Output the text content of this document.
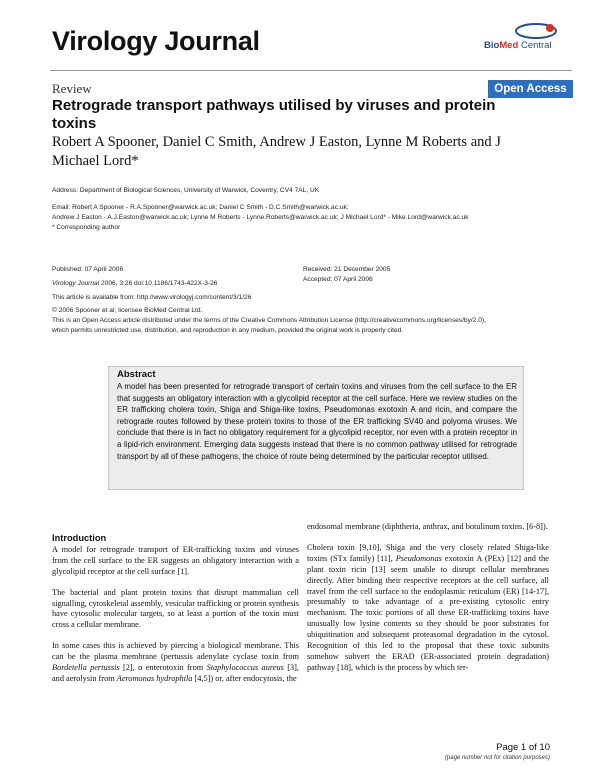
Virology Journal	BioMed Central
Review	Open Access
Retrograde transport pathways utilised by viruses and protein toxins
Robert A Spooner, Daniel C Smith, Andrew J Easton, Lynne M Roberts and J Michael Lord*
Address: Department of Biological Sciences, University of Warwick, Coventry, CV4 7AL, UK
Email: Robert A Spooner - R.A.Spooner@warwick.ac.uk; Daniel C Smith - D.C.Smith@warwick.ac.uk;
Andrew J Easton - A.J.Easton@warwick.ac.uk; Lynne M Roberts - Lynne.Roberts@warwick.ac.uk; J Michael Lord* - Mike.Lord@warwick.ac.uk
* Corresponding author
Published: 07 April 2006
Virology Journal 2006, 3:26 doi:10.1186/1743-422X-3-26
This article is available from: http://www.virologyj.com/content/3/1/26
Received: 21 December 2005
Accepted: 07 April 2006
© 2006 Spooner et al; licensee BioMed Central Ltd.
This is an Open Access article distributed under the terms of the Creative Commons Attribution License (http://creativecommons.org/licenses/by/2.0),
which permits unrestricted use, distribution, and reproduction in any medium, provided the original work is properly cited.
Abstract
A model has been presented for retrograde transport of certain toxins and viruses from the cell surface to the ER that suggests an obligatory interaction with a glycolipid receptor at the cell surface. Here we review studies on the ER trafficking cholera toxin, Shiga and Shiga-like toxins, Pseudomonas exotoxin A and ricin, and compare the retrograde routes followed by these protein toxins to those of the ER trafficking SV40 and polyoma viruses. We conclude that there is in fact no obligatory requirement for a glycolipid receptor, nor even with a protein receptor in a lipid-rich environment. Emerging data suggests instead that there is no common pathway utilised for retrograde transport by all of these pathogens, the choice of route being determined by the particular receptor utilised.
Introduction

A model for retrograde transport of ER-trafficking toxins and viruses from the cell surface to the ER suggests an obligatory interaction with a glycolipid receptor at the cell surface [1].

The bacterial and plant protein toxins that disrupt mammalian cell signalling, cytoskeletal assembly, vesicular trafficking or protein synthesis have cytosolic molecular targets, so at least a portion of the toxin must cross a cellular membrane.

In some cases this is achieved by piercing a biological membrane. This can be the plasma membrane (pertussis adenylate cyclase toxin from Bordetella pertussis [2], α enterotoxin from Staphylococcus aureus [3], and aerolysin from Aeromonas hydrophila [4,5]) or, after endocytosis, the

endosomal membrane (diphtheria, anthrax, and botulinum toxins. [6-8]).

Cholera toxin [9,10], Shiga and the very closely related Shiga-like toxins (STx family) [11], Pseudomonas exotoxin A (PEx) [12] and the plant toxin ricin [13] seem unable to disrupt cellular membranes directly. After binding their respective receptors at the cell surface, all travel from the cell surface to the endoplasmic reticulum (ER) [14-17], presumably to take advantage of a pre-existing cytosolic entry mechanism. The toxic portions of all these ER-trafficking toxins have unusually low lysine contents so they should be poor substrates for ubiquitination and subsequent proteasomal degradation in the cytosol. Recognition of this led to the proposal that these toxic subunits somehow subvert the ERAD (ER-associated protein degradation) pathway [18], which is the process by which ter-

Page 1 of 10
(page number not for citation purposes)
